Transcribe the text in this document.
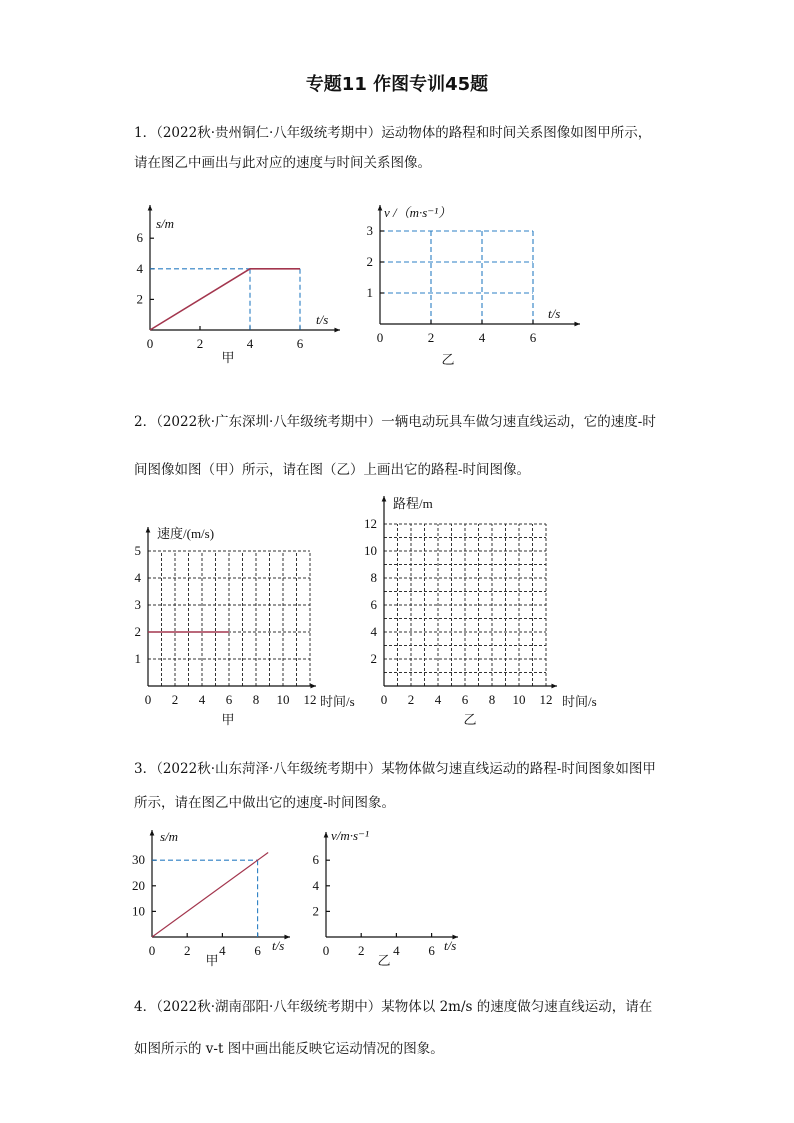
专题11 作图专训45题
1．（2022秋·贵州铜仁·八年级统考期中）运动物体的路程和时间关系图像如图甲所示，请在图乙中画出与此对应的速度与时间关系图像。
2．（2022秋·广东深圳·八年级统考期中）一辆电动玩具车做匀速直线运动，它的速度-时间图像如图（甲）所示，请在图（乙）上画出它的路程-时间图像。
3．（2022秋·山东菏泽·八年级统考期中）某物体做匀速直线运动的路程-时间图象如图甲所示，请在图乙中做出它的速度-时间图象。
4．（2022秋·湖南邵阳·八年级统考期中）某物体以 2m/s 的速度做匀速直线运动，请在如图所示的 v-t 图中画出能反映它运动情况的图象。
0	2	4	6
2
4
6
t/s
s/m
甲
0	2	4	6
1
2
3
t/s
v /（m·s⁻¹）
乙
0 2 4 6 8 10 12
1
2
3
4
5
时间/s
速度/(m/s)
甲
0 2 4 6 8 10 12
2
4
6
8
10
12
时间/s
路程/m
乙
0 2 4 6
10
20
30
t/s
s/m
甲
0 2 4 6
2
4
6
t/s
v/m·s⁻¹
乙
